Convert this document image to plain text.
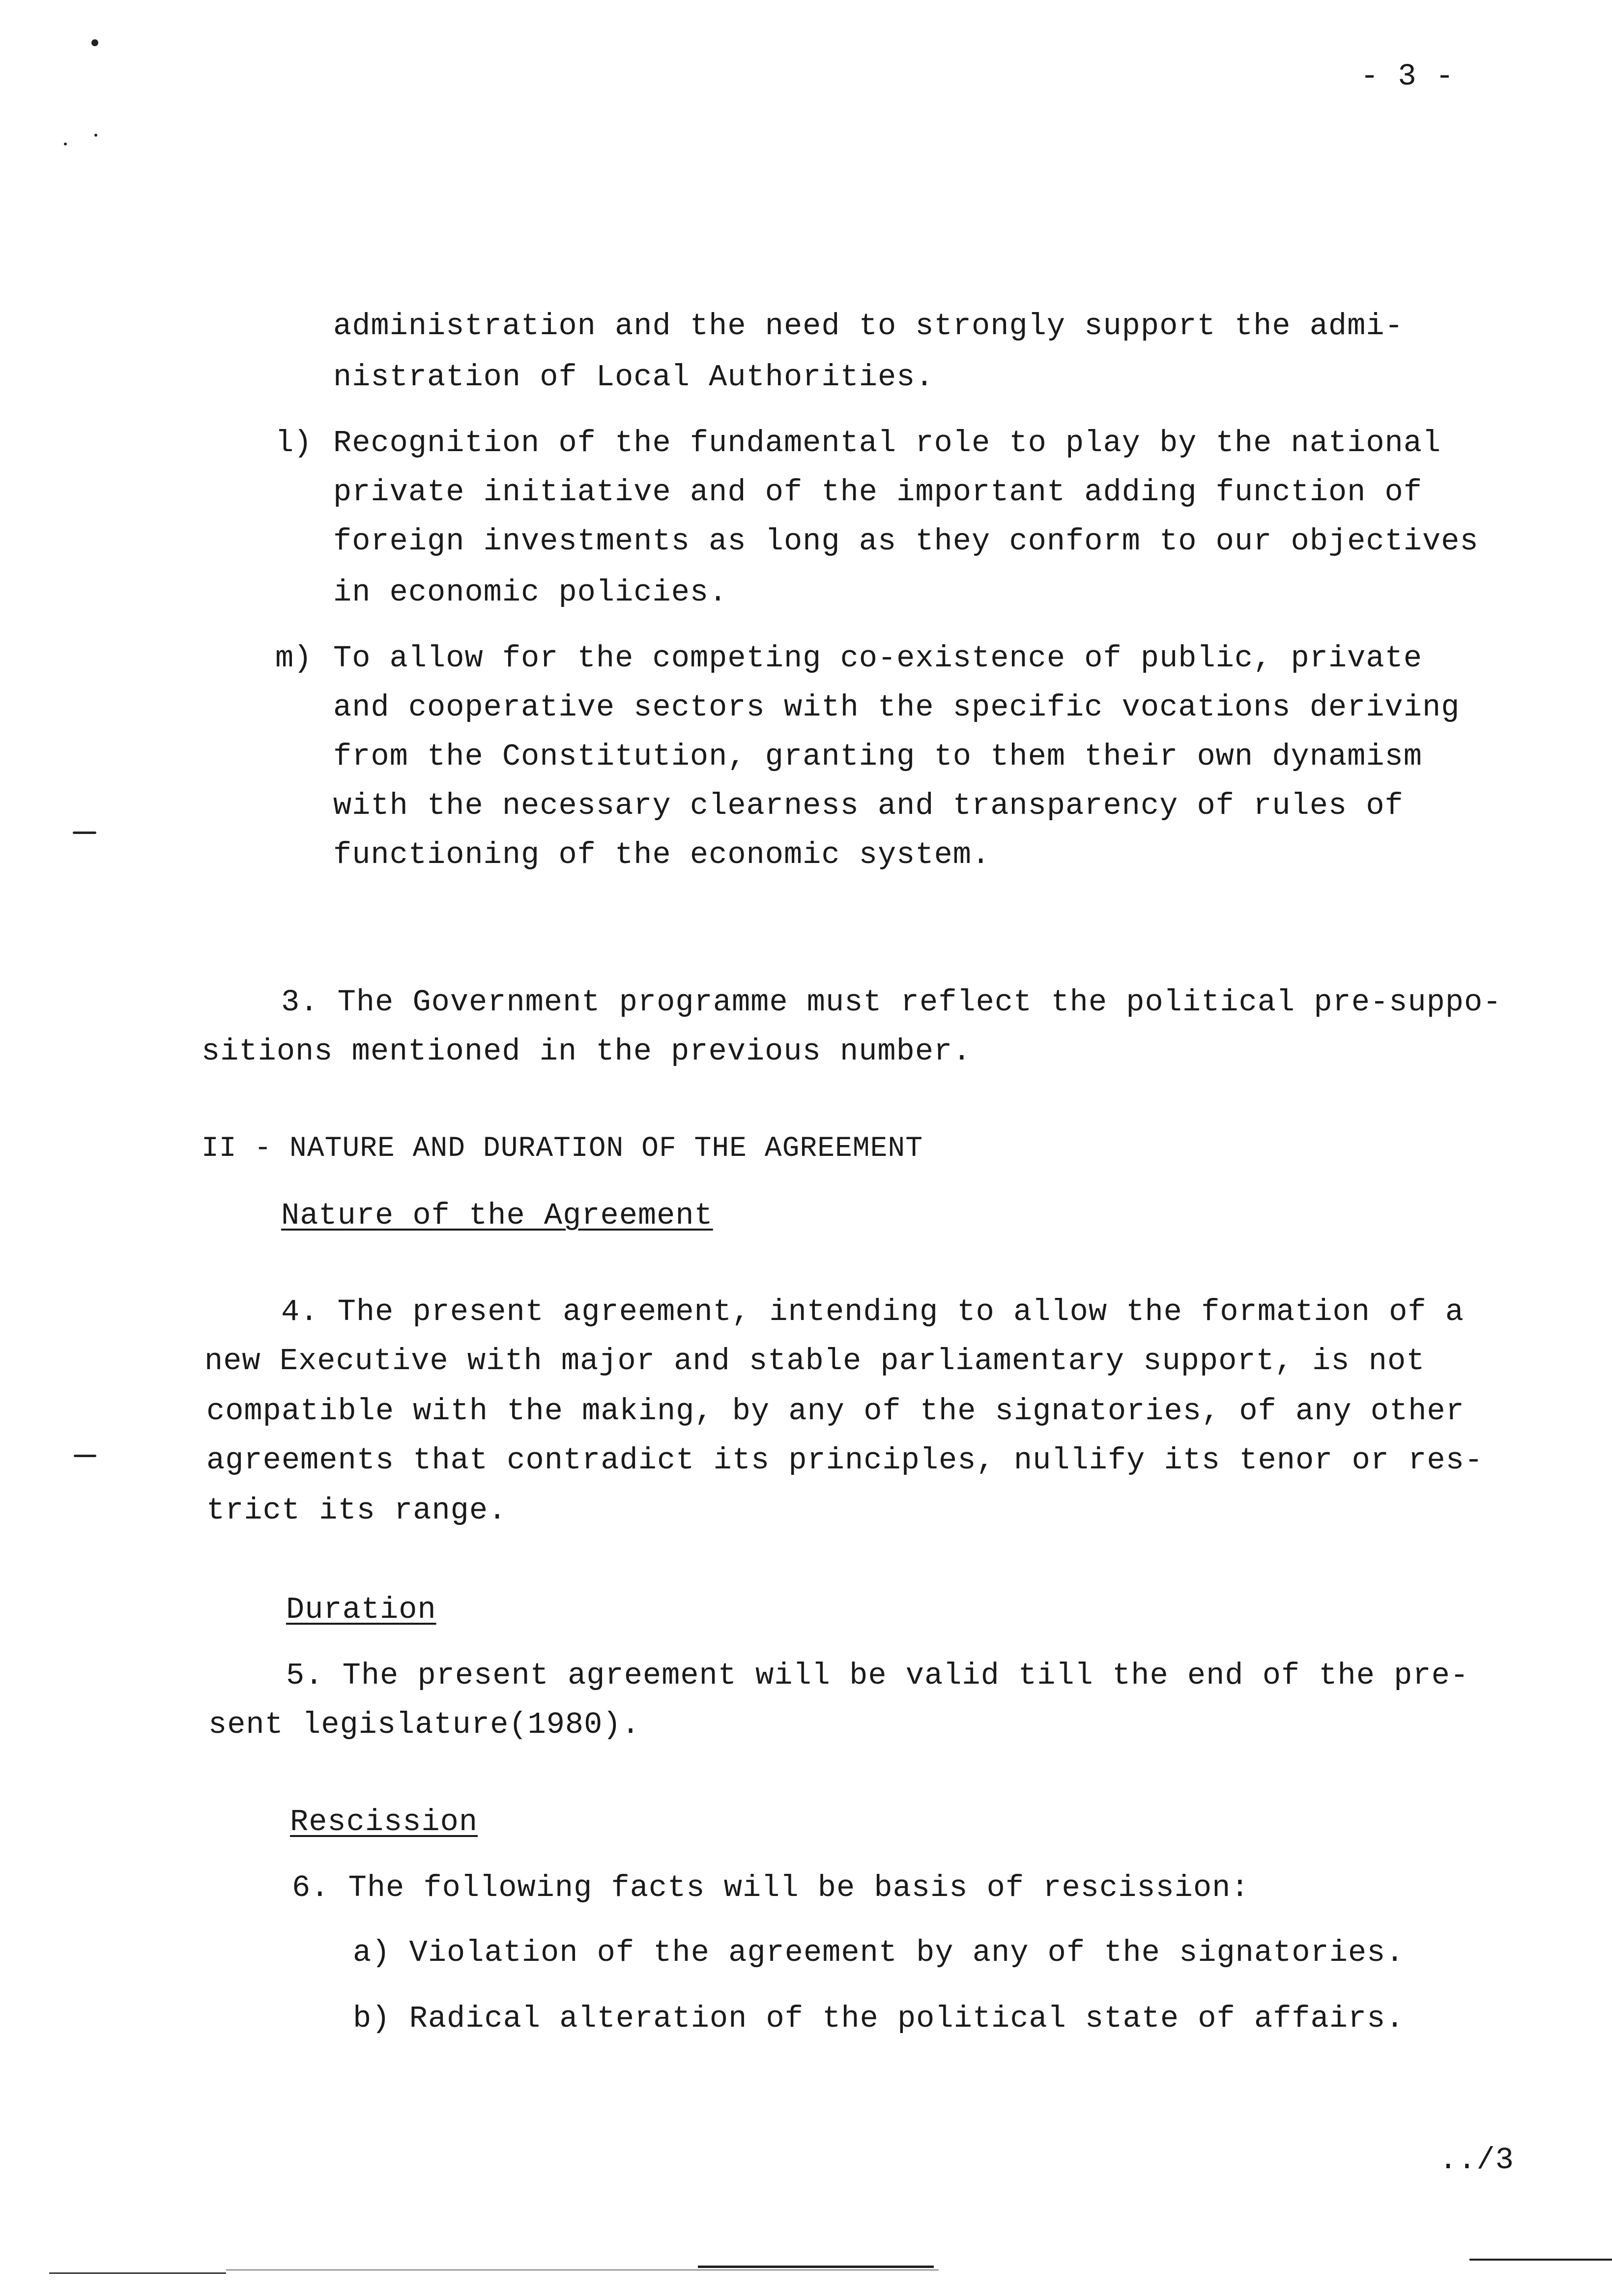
- 3 -
administration and the need to strongly support the admi-
nistration of Local Authorities.
l) Recognition of the fundamental role to play by the national
private initiative and of the important adding function of
foreign investments as long as they conform to our objectives
in economic policies.
m) To allow for the competing co-existence of public, private
and cooperative sectors with the specific vocations deriving
from the Constitution, granting to them their own dynamism
with the necessary clearness and transparency of rules of
functioning of the economic system.
3. The Government programme must reflect the political pre-suppo-
sitions mentioned in the previous number.
II - NATURE AND DURATION OF THE AGREEMENT
Nature of the Agreement
4. The present agreement, intending to allow the formation of a
new Executive with major and stable parliamentary support, is not
compatible with the making, by any of the signatories, of any other
agreements that contradict its principles, nullify its tenor or res-
trict its range.
Duration
5. The present agreement will be valid till the end of the pre-
sent legislature(1980).
Rescission
6. The following facts will be basis of rescission:
a) Violation of the agreement by any of the signatories.
b) Radical alteration of the political state of affairs.
../3
